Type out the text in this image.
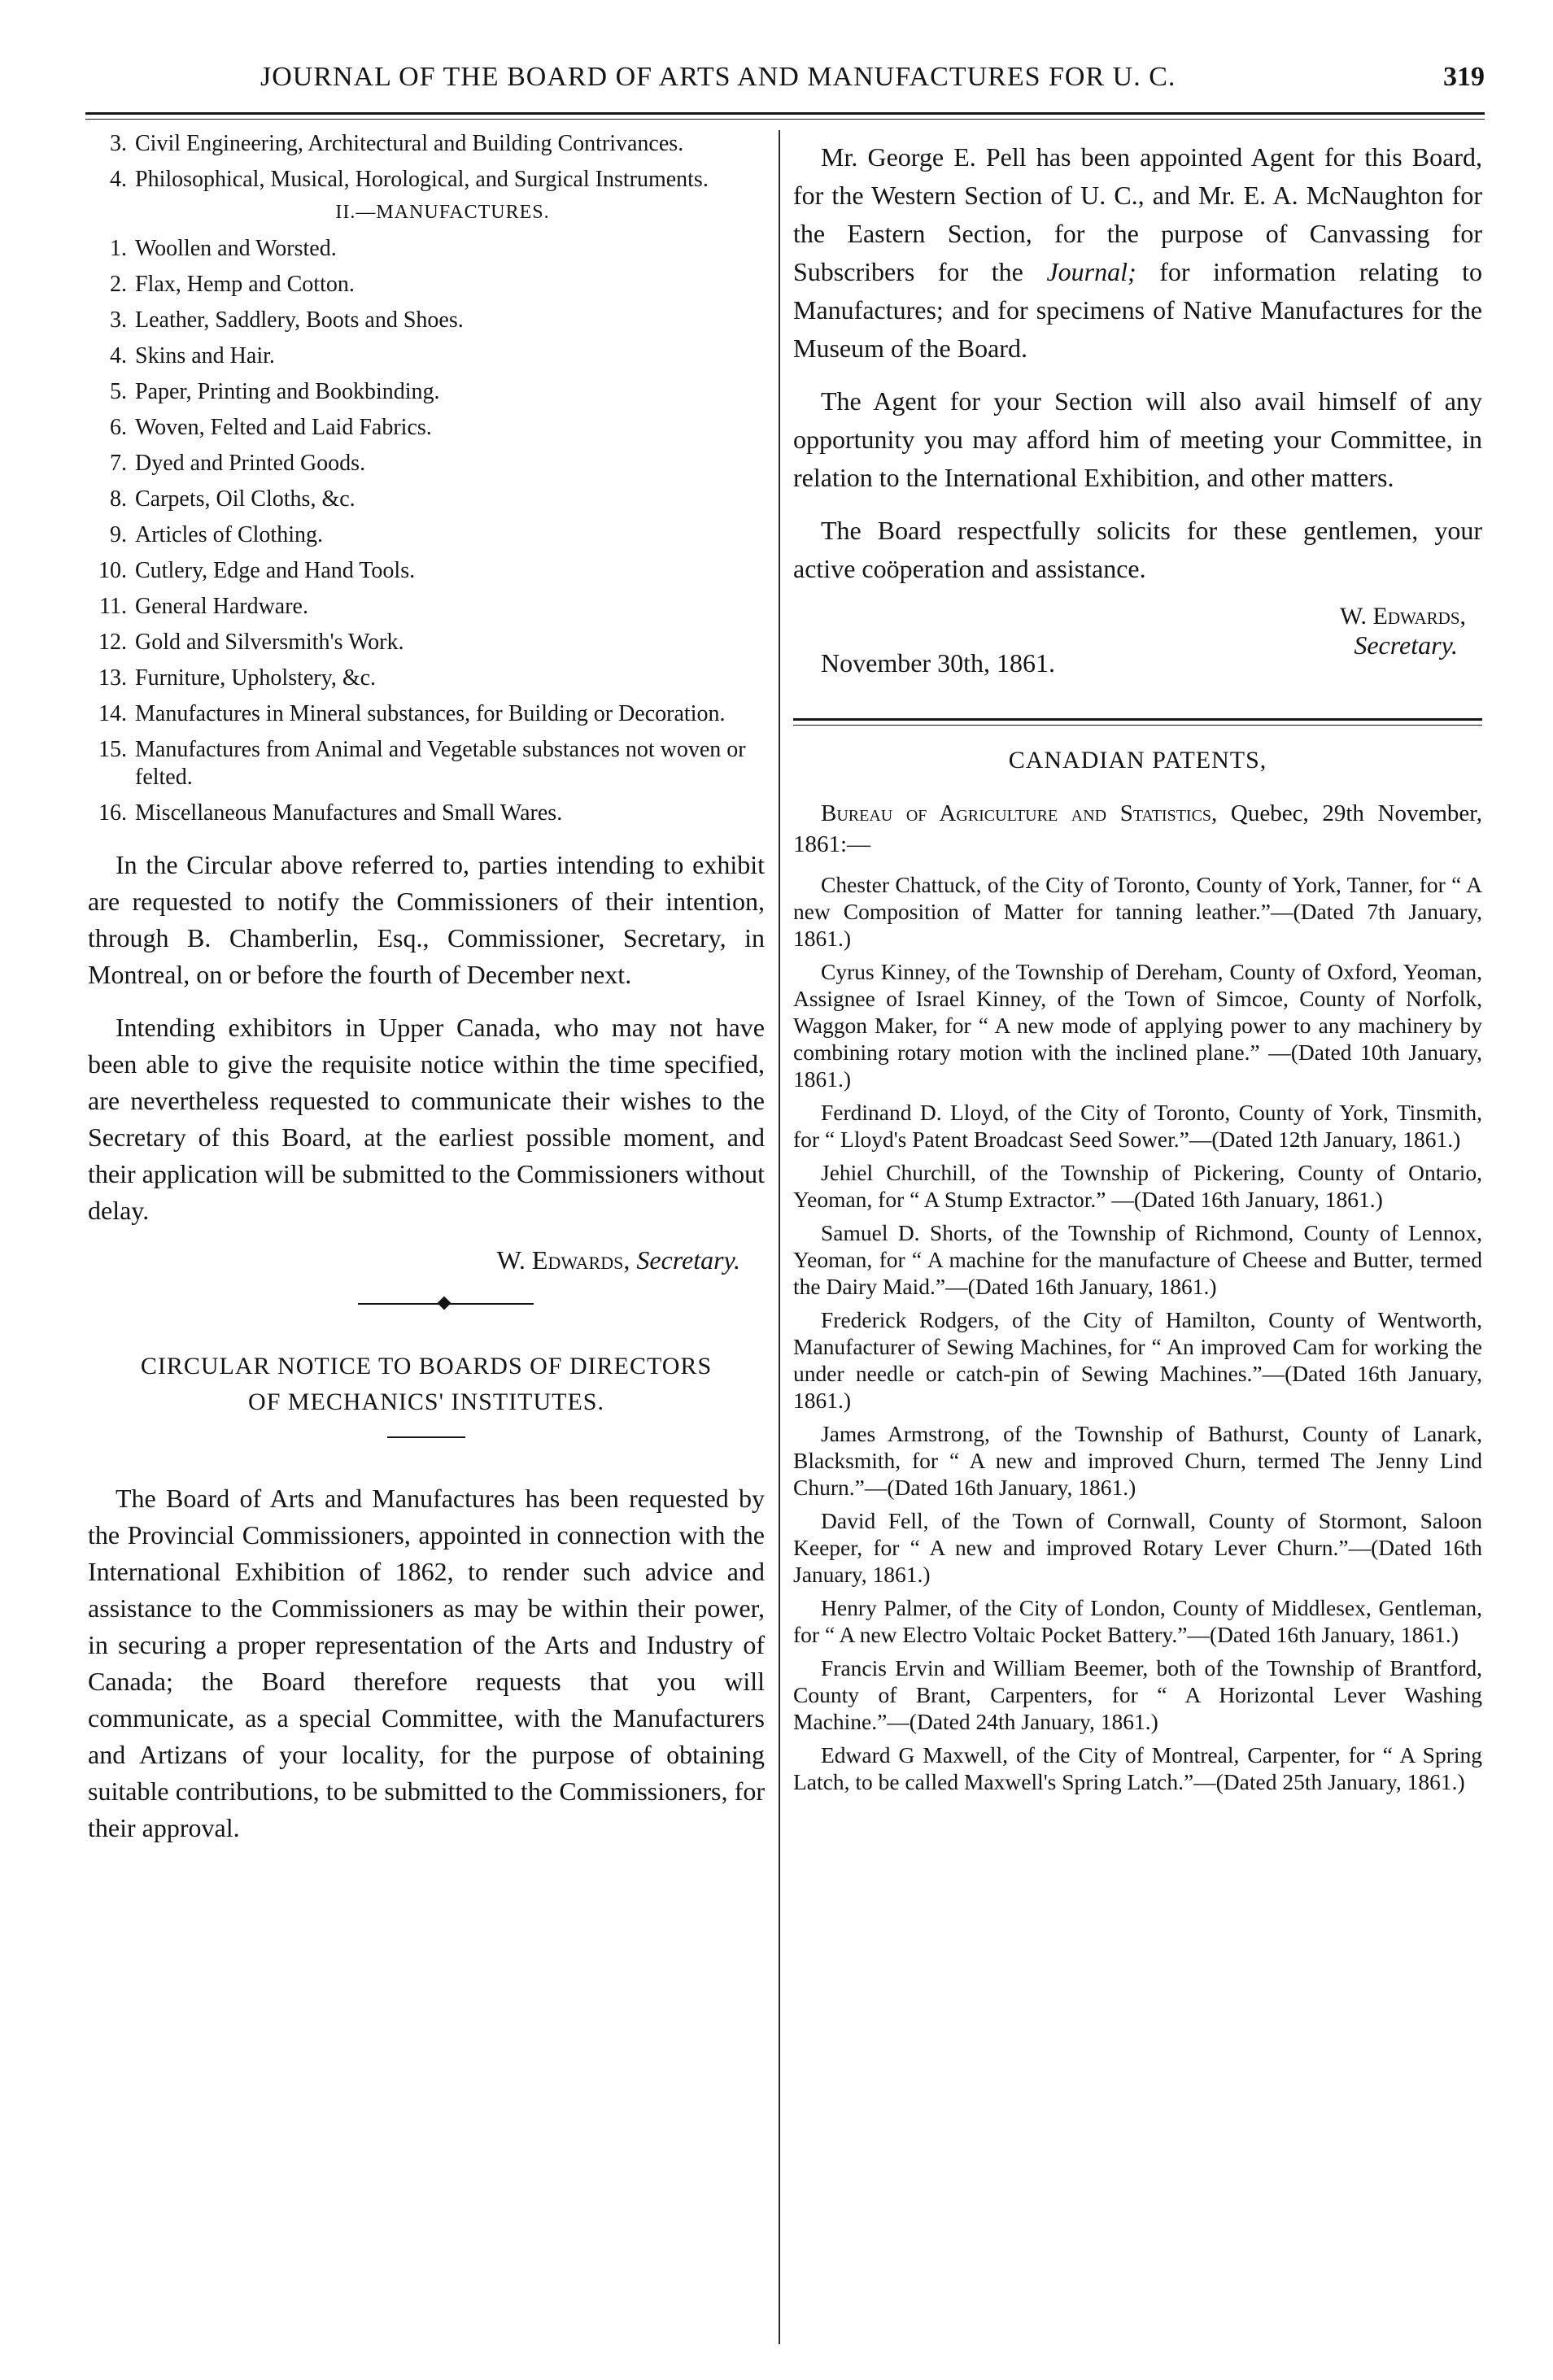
JOURNAL OF THE BOARD OF ARTS AND MANUFACTURES FOR U. C.	319
3. Civil Engineering, Architectural and Building Contrivances.
4. Philosophical, Musical, Horological, and Surgical Instruments.
II.—MANUFACTURES.
1. Woollen and Worsted.
2. Flax, Hemp and Cotton.
3. Leather, Saddlery, Boots and Shoes.
4. Skins and Hair.
5. Paper, Printing and Bookbinding.
6. Woven, Felted and Laid Fabrics.
7. Dyed and Printed Goods.
8. Carpets, Oil Cloths, &c.
9. Articles of Clothing.
10. Cutlery, Edge and Hand Tools.
11. General Hardware.
12. Gold and Silversmith's Work.
13. Furniture, Upholstery, &c.
14. Manufactures in Mineral substances, for Building or Decoration.
15. Manufactures from Animal and Vegetable substances not woven or felted.
16. Miscellaneous Manufactures and Small Wares.

In the Circular above referred to, parties intending to exhibit are requested to notify the Commissioners of their intention, through B. Chamberlin, Esq., Commissioner, Secretary, in Montreal, on or before the fourth of December next.

Intending exhibitors in Upper Canada, who may not have been able to give the requisite notice within the time specified, are nevertheless requested to communicate their wishes to the Secretary of this Board, at the earliest possible moment, and their application will be submitted to the Commissioners without delay.

W. Edwards, Secretary.
CIRCULAR NOTICE TO BOARDS OF DIRECTORS
OF MECHANICS' INSTITUTES.

The Board of Arts and Manufactures has been requested by the Provincial Commissioners, appointed in connection with the International Exhibition of 1862, to render such advice and assistance to the Commissioners as may be within their power, in securing a proper representation of the Arts and Industry of Canada; the Board therefore requests that you will communicate, as a special Committee, with the Manufacturers and Artizans of your locality, for the purpose of obtaining suitable contributions, to be submitted to the Commissioners, for their approval.

Mr. George E. Pell has been appointed Agent for this Board, for the Western Section of U. C., and Mr. E. A. McNaughton for the Eastern Section, for the purpose of Canvassing for Subscribers for the Journal; for information relating to Manufactures; and for specimens of Native Manufactures for the Museum of the Board.

The Agent for your Section will also avail himself of any opportunity you may afford him of meeting your Committee, in relation to the International Exhibition, and other matters.

The Board respectfully solicits for these gentlemen, your active coöperation and assistance.

W. Edwards,
November 30th, 1861.
Secretary.
CANADIAN PATENTS,

Bureau of Agriculture and Statistics, Quebec, 29th November, 1861:—

Chester Chattuck, of the City of Toronto, County of York, Tanner, for “ A new Composition of Matter for tanning leather.”—(Dated 7th January, 1861.)

Cyrus Kinney, of the Township of Dereham, County of Oxford, Yeoman, Assignee of Israel Kinney, of the Town of Simcoe, County of Norfolk, Waggon Maker, for “ A new mode of applying power to any machinery by combining rotary motion with the inclined plane.” —(Dated 10th January, 1861.)

Ferdinand D. Lloyd, of the City of Toronto, County of York, Tinsmith, for “ Lloyd's Patent Broadcast Seed Sower.”—(Dated 12th January, 1861.)

Jehiel Churchill, of the Township of Pickering, County of Ontario, Yeoman, for “ A Stump Extractor.” —(Dated 16th January, 1861.)

Samuel D. Shorts, of the Township of Richmond, County of Lennox, Yeoman, for “ A machine for the manufacture of Cheese and Butter, termed the Dairy Maid.”—(Dated 16th January, 1861.)

Frederick Rodgers, of the City of Hamilton, County of Wentworth, Manufacturer of Sewing Machines, for “ An improved Cam for working the under needle or catch-pin of Sewing Machines.”—(Dated 16th January, 1861.)

James Armstrong, of the Township of Bathurst, County of Lanark, Blacksmith, for “ A new and improved Churn, termed The Jenny Lind Churn.”—(Dated 16th January, 1861.)

David Fell, of the Town of Cornwall, County of Stormont, Saloon Keeper, for “ A new and improved Rotary Lever Churn.”—(Dated 16th January, 1861.)

Henry Palmer, of the City of London, County of Middlesex, Gentleman, for “ A new Electro Voltaic Pocket Battery.”—(Dated 16th January, 1861.)

Francis Ervin and William Beemer, both of the Township of Brantford, County of Brant, Carpenters, for “ A Horizontal Lever Washing Machine.”—(Dated 24th January, 1861.)

Edward G Maxwell, of the City of Montreal, Carpenter, for “ A Spring Latch, to be called Maxwell's Spring Latch.”—(Dated 25th January, 1861.)
